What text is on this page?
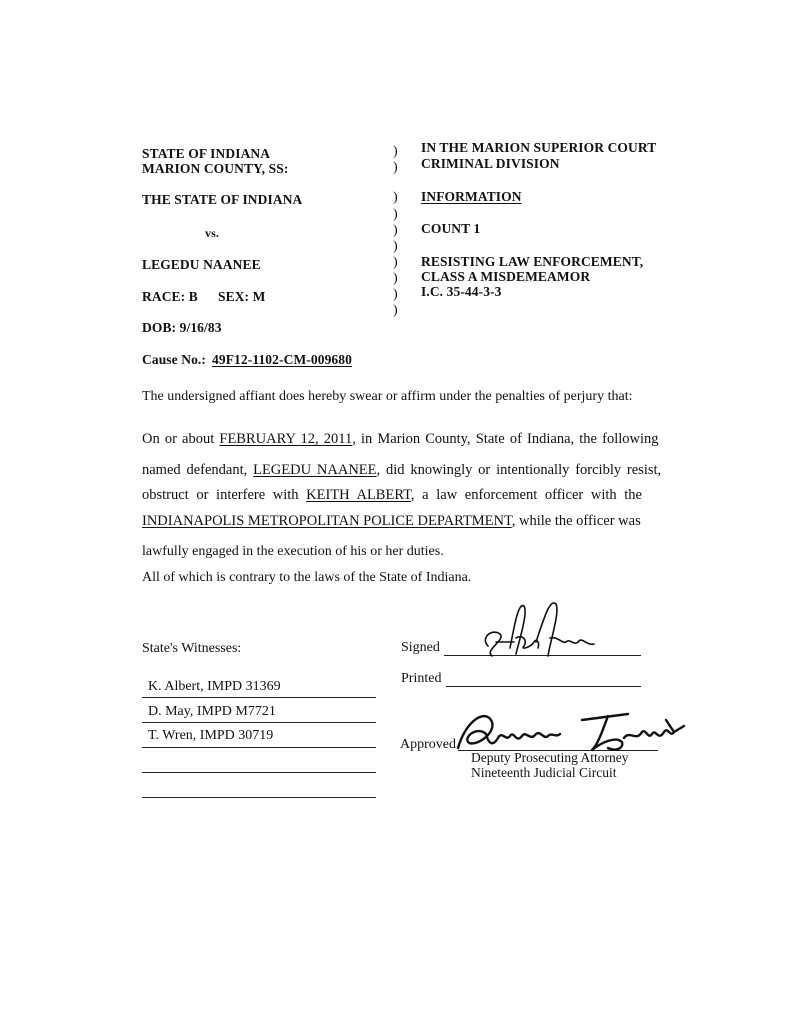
STATE OF INDIANA
MARION COUNTY, SS:
THE STATE OF INDIANA
vs.
LEGEDU NAANEE
RACE: B SEX: M
DOB: 9/16/83
Cause No.: 49F12-1102-CM-009680
)
)
)
)
)
)
)
)
)
)
IN THE MARION SUPERIOR COURT
CRIMINAL DIVISION
INFORMATION
COUNT 1
RESISTING LAW ENFORCEMENT,
CLASS A MISDEMEAMOR
I.C. 35-44-3-3
The undersigned affiant does hereby swear or affirm under the penalties of perjury that:
On or about FEBRUARY 12, 2011, in Marion County, State of Indiana, the following
named defendant, LEGEDU NAANEE, did knowingly or intentionally forcibly resist,
obstruct or interfere with KEITH ALBERT, a law enforcement officer with the
INDIANAPOLIS METROPOLITAN POLICE DEPARTMENT, while the officer was
lawfully engaged in the execution of his or her duties.
All of which is contrary to the laws of the State of Indiana.
State's Witnesses:
K. Albert, IMPD 31369
D. May, IMPD M7721
T. Wren, IMPD 30719
Signed
Printed
Approved
Deputy Prosecuting Attorney
Nineteenth Judicial Circuit
